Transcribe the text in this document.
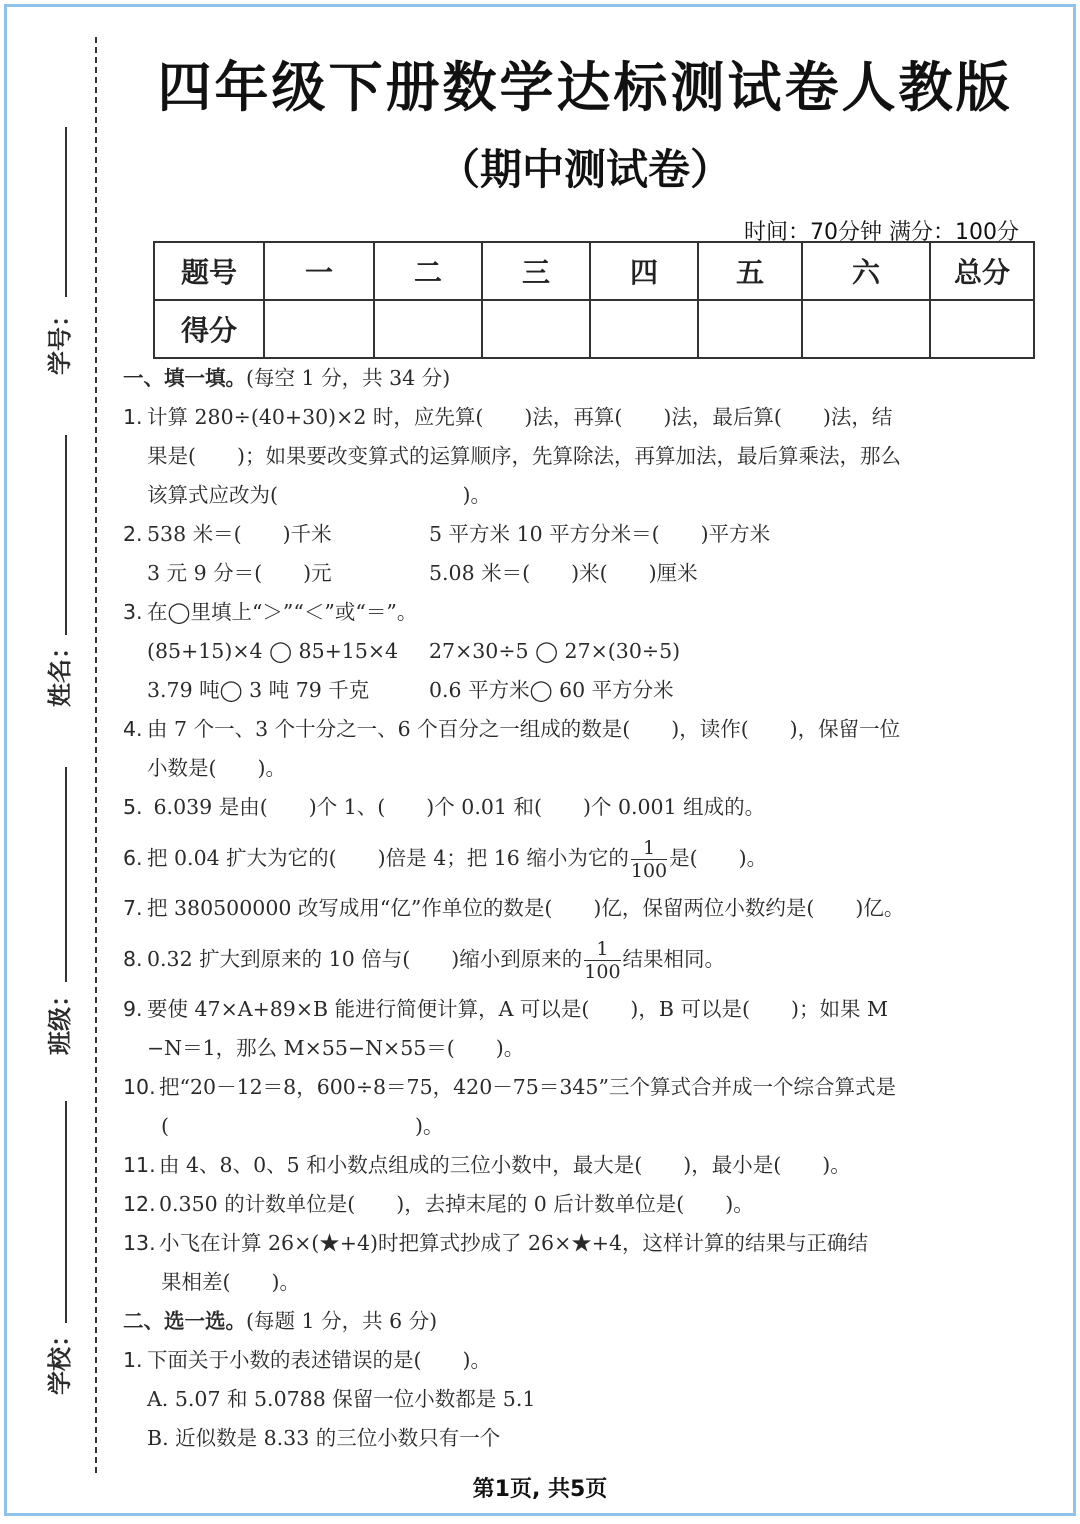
学号：
姓名：
班级：
学校：
四年级下册数学达标测试卷人教版
（期中测试卷）
时间：70分钟 满分：100分
题号	一	二	三	四	五	六	总分
得分							
一、填一填。(每空 1 分，共 34 分)
1. 计算 280÷(40+30)×2 时，应先算(　　)法，再算(　　)法，最后算(　　)法，结
果是(　　)；如果要改变算式的运算顺序，先算除法，再算加法，最后算乘法，那么
该算式应改为(　　　　　　　　　)。
2. 538 米＝(　　)千米	5 平方米 10 平方分米＝(　　)平方米
3 元 9 分＝(　　)元	5.08 米＝(　　)米(　　)厘米
3. 在◯里填上“＞”“＜”或“＝”。
(85+15)×4 ◯ 85+15×4	27×30÷5 ◯ 27×(30÷5)
3.79 吨◯ 3 吨 79 千克	0.6 平方米◯ 60 平方分米
4. 由 7 个一、3 个十分之一、6 个百分之一组成的数是(　　)，读作(　　)，保留一位
小数是(　　)。
5. 6.039 是由(　　)个 1、(　　)个 0.01 和(　　)个 0.001 组成的。
6. 把 0.04 扩大为它的(　　)倍是 4；把 16 缩小为它的 $\frac{1}{100}$ 是(　　)。
7. 把 380500000 改写成用“亿”作单位的数是(　　)亿，保留两位小数约是(　　)亿。
8. 0.32 扩大到原来的 10 倍与(　　)缩小到原来的 $\frac{1}{100}$ 结果相同。
9. 要使 47×A+89×B 能进行简便计算，A 可以是(　　)，B 可以是(　　)；如果 M
−N＝1，那么 M×55−N×55＝(　　)。
10. 把“20－12＝8，600÷8＝75，420－75＝345”三个算式合并成一个综合算式是
(　　　　　　　　　　　　)。
11. 由 4、8、0、5 和小数点组成的三位小数中，最大是(　　)，最小是(　　)。
12. 0.350 的计数单位是(　　)，去掉末尾的 0 后计数单位是(　　)。
13. 小飞在计算 26×(★+4)时把算式抄成了 26×★+4，这样计算的结果与正确结
果相差(　　)。
二、选一选。(每题 1 分，共 6 分)
1. 下面关于小数的表述错误的是(　　)。
A. 5.07 和 5.0788 保留一位小数都是 5.1
B. 近似数是 8.33 的三位小数只有一个
第1页, 共5页
